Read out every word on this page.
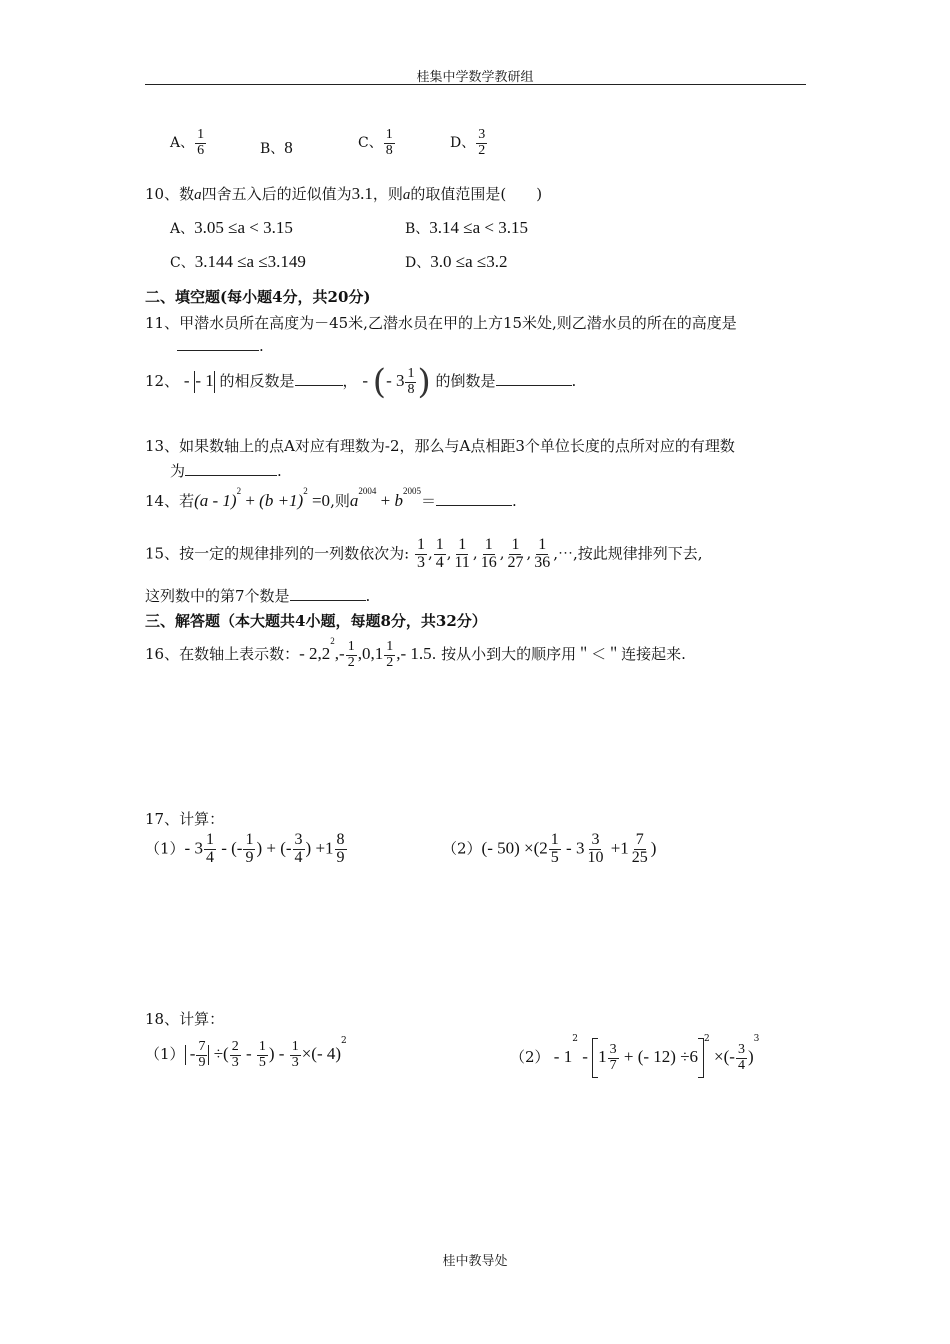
桂集中学数学教研组
A、 $\frac{1}{6}$	B、8	C、 $\frac{1}{8}$	D、 $\frac{3}{2}$
10、数a四舍五入后的近似值为3.1，则a的取值范围是(　　)
A、3.05 ≤a < 3.15	B、3.14 ≤a < 3.15
C、3.144 ≤a ≤3.149	D、3.0 ≤a ≤3.2
二、填空题(每小题4分，共20分)
11、甲潜水员所在高度为－45米,乙潜水员在甲的上方15米处,则乙潜水员的所在的高度是
.
12、 - - 1 的相反数是	， - (- $3 \frac{1}{8}$ ) 的倒数是	.
13、如果数轴上的点A对应有理数为-2，那么与A点相距3个单位长度的点所对应的有理数
为	.
14、若$(a - 1)^2 + (b +1)^2 =0$,则$a^{2004} + b^{2005}=$	.
15、按一定的规律排列的一列数依次为: $\frac{1}{3}$ , $\frac{1}{4}$ , $\frac{1}{11}$ , $\frac{1}{16}$ , $\frac{1}{27}$ , $\frac{1}{36}$ ,⋯,按此规律排列下去,
这列数中的第7个数是	.
三、解答题（本大题共4小题，每题8分，共32分）
16、在数轴上表示数：- $2,2^2,- \frac{1}{2} ,0,1 \frac{1}{2}$ ,- 1.5. 按从小到大的顺序用＂＜＂连接起来.
17、计算：
（1）- $3 \frac{1}{4}$ - (- $\frac{1}{9}$ ) + (- $\frac{3}{4}$ ) $+1 \frac{8}{9}$	（2）(- $50) \times(2 \frac{1}{5} - 3 \frac{3}{10} +1 \frac{7}{25}$ )
18、计算：
$(1) - \frac{7}{9}$ ÷( $\frac{2}{3} - \frac{1}{5}$ ) - $\frac{1}{3}$ ×(- 4)$^2$
$(2) - 1^2 - 1 \frac{3}{7}$ + (- $12) \div 6^2$ ×(- $\frac{3}{4} )^3$
桂中教导处
